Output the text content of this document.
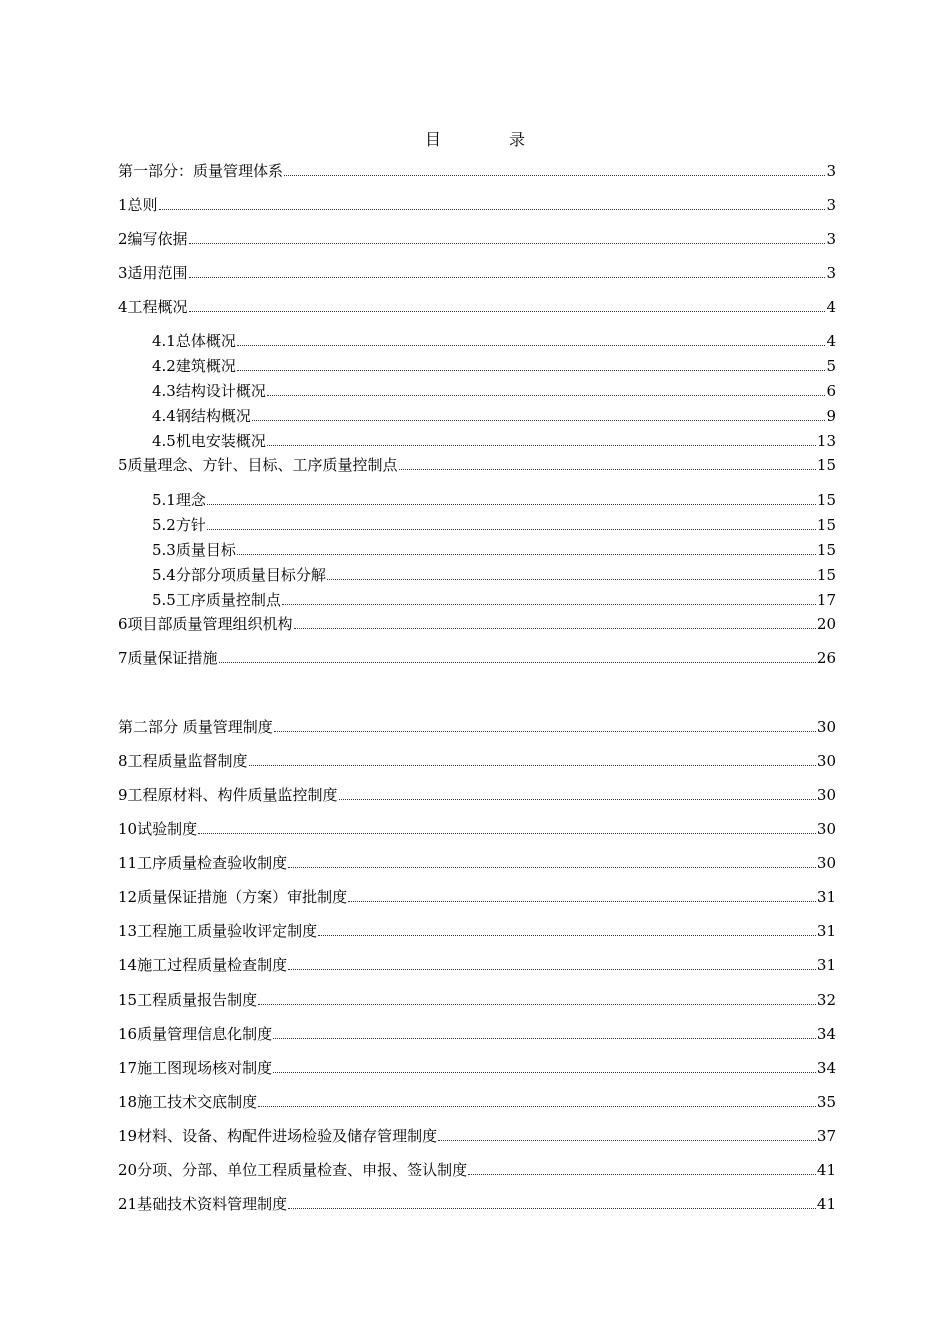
目　录
第一部分：质量管理体系	3
1总则	3
2编写依据	3
3适用范围	3
4工程概况	4
4.1总体概况	4
4.2建筑概况	5
4.3结构设计概况	6
4.4钢结构概况	9
4.5机电安装概况	13
5质量理念、方针、目标、工序质量控制点	15
5.1理念	15
5.2方针	15
5.3质量目标	15
5.4分部分项质量目标分解	15
5.5工序质量控制点	17
6项目部质量管理组织机构	20
7质量保证措施	26
第二部分 质量管理制度	30
8工程质量监督制度	30
9工程原材料、构件质量监控制度	30
10试验制度	30
11工序质量检查验收制度	30
12质量保证措施（方案）审批制度	31
13工程施工质量验收评定制度	31
14施工过程质量检查制度	31
15工程质量报告制度	32
16质量管理信息化制度	34
17施工图现场核对制度	34
18施工技术交底制度	35
19材料、设备、构配件进场检验及储存管理制度	37
20分项、分部、单位工程质量检查、申报、签认制度	41
21基础技术资料管理制度	41
